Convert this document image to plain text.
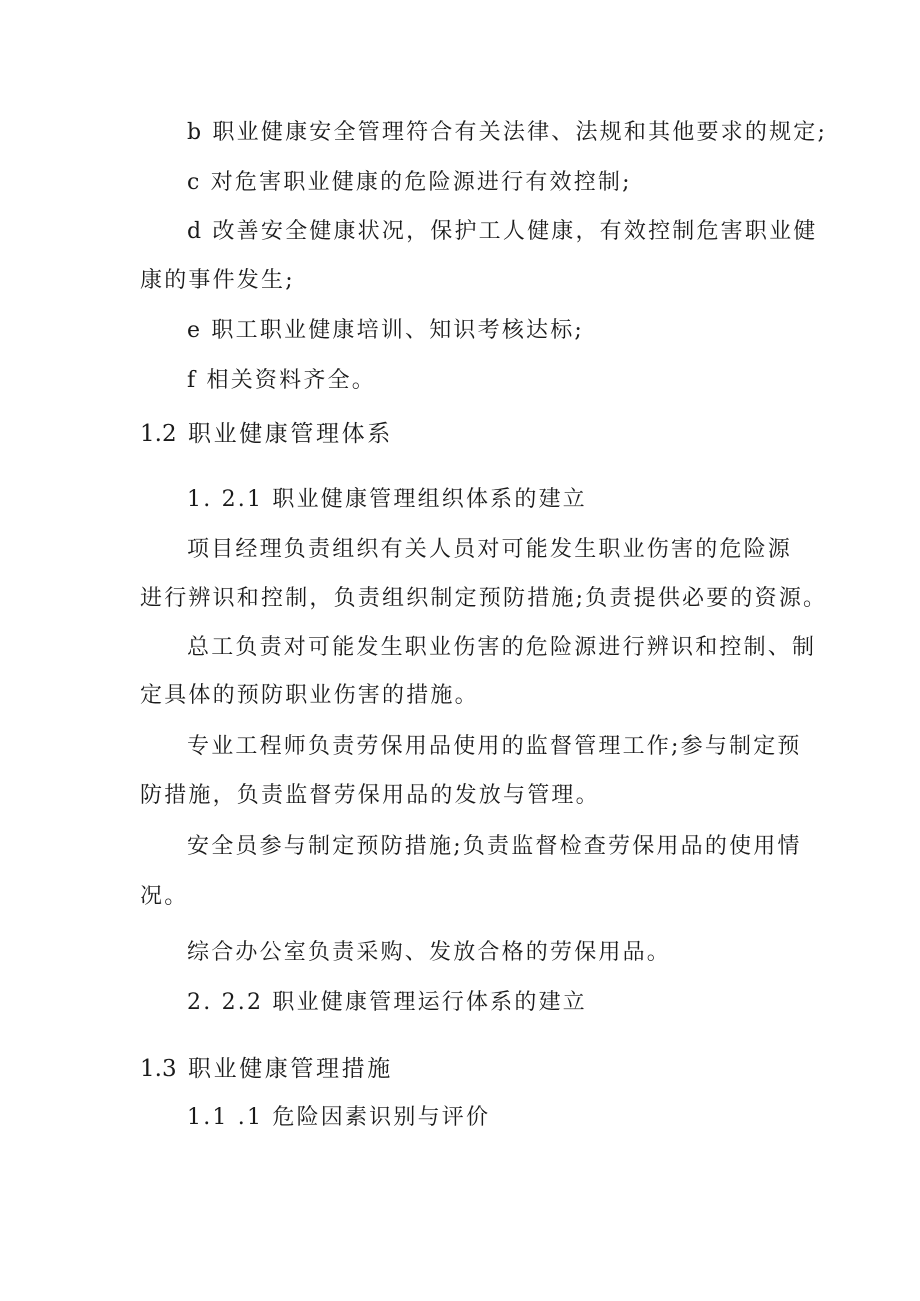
b 职业健康安全管理符合有关法律、法规和其他要求的规定;
c 对危害职业健康的危险源进行有效控制;
d 改善安全健康状况，保护工人健康，有效控制危害职业健
康的事件发生;
e 职工职业健康培训、知识考核达标;
f 相关资料齐全。
1.2 职业健康管理体系
1. 2.1 职业健康管理组织体系的建立
项目经理负责组织有关人员对可能发生职业伤害的危险源
进行辨识和控制，负责组织制定预防措施;负责提供必要的资源。
总工负责对可能发生职业伤害的危险源进行辨识和控制、制
定具体的预防职业伤害的措施。
专业工程师负责劳保用品使用的监督管理工作;参与制定预
防措施，负责监督劳保用品的发放与管理。
安全员参与制定预防措施;负责监督检查劳保用品的使用情
况。
综合办公室负责采购、发放合格的劳保用品。
2. 2.2 职业健康管理运行体系的建立
1.3 职业健康管理措施
1.1 .1 危险因素识别与评价
